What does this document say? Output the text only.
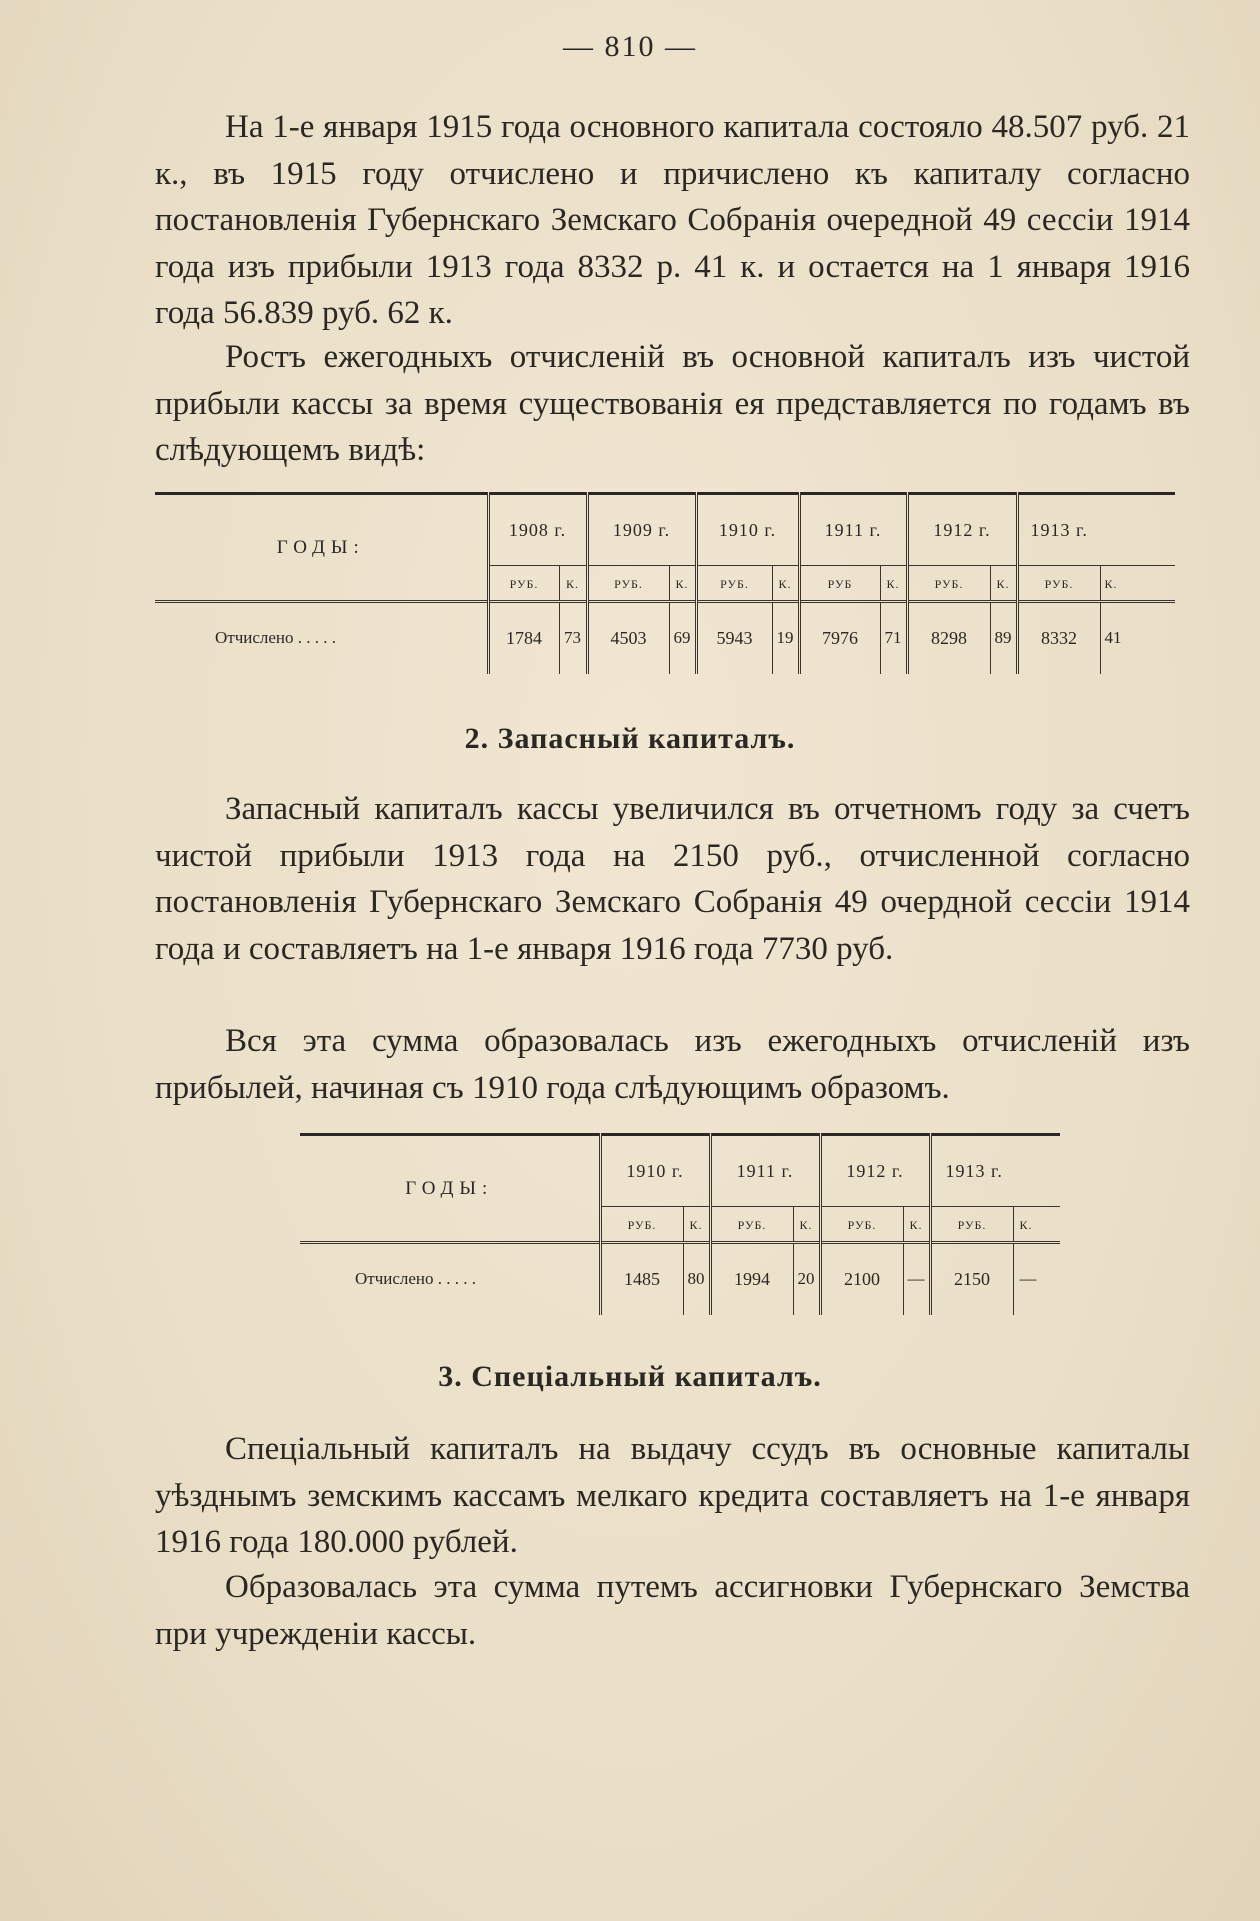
— 810 —

На 1-е января 1915 года основного капитала состояло 48.507 руб. 21 к., въ 1915 году отчислено и причислено къ капиталу согласно постановленія Губернскаго Земскаго Собранія очередной 49 сессіи 1914 года изъ прибыли 1913 года 8332 р. 41 к. и остается на 1 января 1916 года 56.839 руб. 62 к.

Ростъ ежегодныхъ отчисленій въ основной капиталъ изъ чистой прибыли кассы за время существованія ея представляется по годамъ въ слѣдующемъ видѣ:

ГОДЫ:	1908 г.		1909 г.		1910 г.		1911 г.		1912 г.		1913 г.	
	РУБ.	К.	РУБ.	К.	РУБ.	К.	РУБ	К.	РУБ.	К.	РУБ.	К.
Отчислено . . . . .	1784	73	4503	69	5943	19	7976	71	8298	89	8332	41
2. Запасный капиталъ.

Запасный капиталъ кассы увеличился въ отчетномъ году за счетъ чистой прибыли 1913 года на 2150 руб., отчисленной согласно постановленія Губернскаго Земскаго Собранія 49 очердной сессіи 1914 года и составляетъ на 1-е января 1916 года 7730 руб.

Вся эта сумма образовалась изъ ежегодныхъ отчисленій изъ прибылей, начиная съ 1910 года слѣдующимъ образомъ.

ГОДЫ:	1910 г.		1911 г.		1912 г.		1913 г.	
	РУБ.	К.	РУБ.	К.	РУБ.	К.	РУБ.	К.
Отчислено . . . . .	1485	80	1994	20	2100	—	2150	—
3. Спеціальный капиталъ.

Спеціальный капиталъ на выдачу ссудъ въ основные капиталы уѣзднымъ земскимъ кассамъ мелкаго кредита составляетъ на 1-е января 1916 года 180.000 рублей.

Образовалась эта сумма путемъ ассигновки Губернскаго Земства при учрежденіи кассы.
